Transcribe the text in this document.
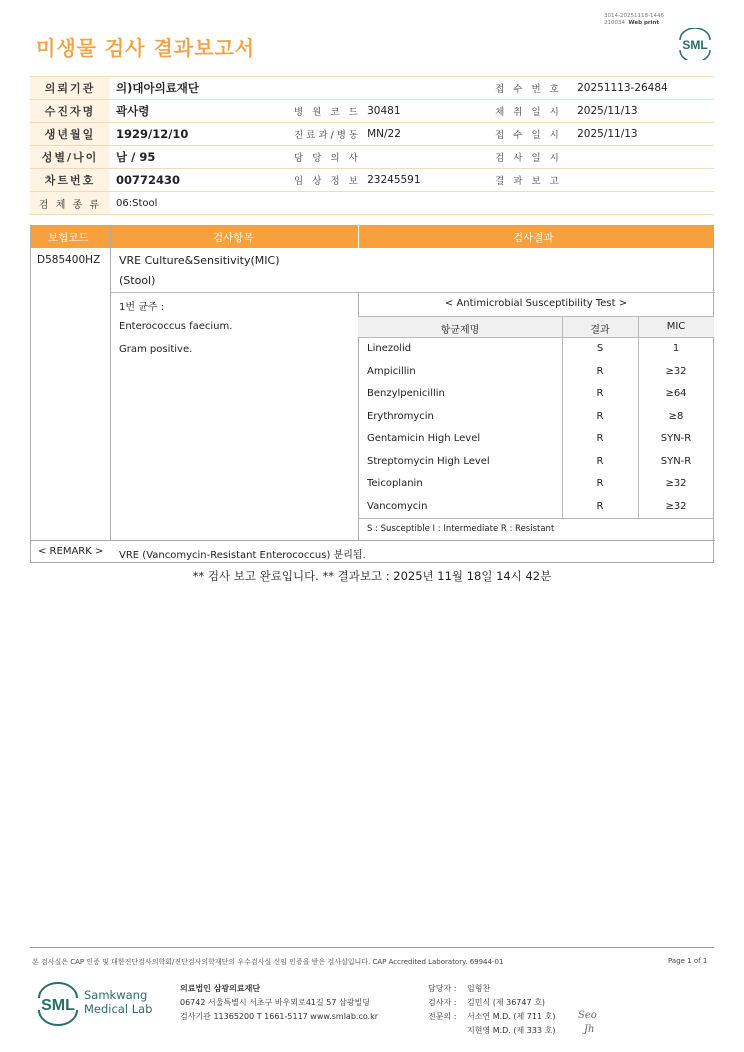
미생물 검사 결과보고서
3014-20251118-1446
210034 Web print
SML
의뢰기관	의)대아의료재단			접 수 번 호	20251113-26484
수진자명	곽사령	병 원 코 드	30481	채 취 일 시	2025/11/13
생년월일	1929/12/10	진료과/병동	MN/22	접 수 일 시	2025/11/13
성별/나이	남 / 95	담 당 의 사		검 사 일 시	
차트번호	00772430	임 상 정 보	23245591	결 과 보 고	
검 체 종 류	06:Stool				
보험코드	검사항목	검사결과
D585400HZ VRE Culture&Sensitivity(MIC)
(Stool)
1번 균주 :
Enterococcus faecium.
Gram positive.
< Antimicrobial Susceptibility Test >
항균제명	결과	MIC
Linezolid	S	1
Ampicillin	R	≥32
Benzylpenicillin	R	≥64
Erythromycin	R	≥8
Gentamicin High Level	R	SYN-R
Streptomycin High Level	R	SYN-R
Teicoplanin	R	≥32
Vancomycin	R	≥32
S : Susceptible I : Intermediate R : Resistant
< REMARK > VRE (Vancomycin-Resistant Enterococcus) 분리됨.
** 검사 보고 완료입니다. ** 결과보고 : 2025년 11월 18일 14시 42분
본 검사실은 CAP 인증 및 대한진단검사의학회/진단검사의학재단의 우수검사실 신임 인증을 받은 검사실입니다. CAP Accredited Laboratory. 69944-01	Page 1 of 1
SML
Samkwang
Medical Lab
의료법인 삼광의료재단
06742 서울특별시 서초구 바우뫼로41길 57 삼광빌딩
검사기관 11365200 T 1661-5117 www.smlab.co.kr
담당자 : 임형찬
검사자 : 김민식 (제 36747 호)
전문의 : 서소연 M.D. (제 711 호)
지현영 M.D. (제 333 호)
Seo
Jh
